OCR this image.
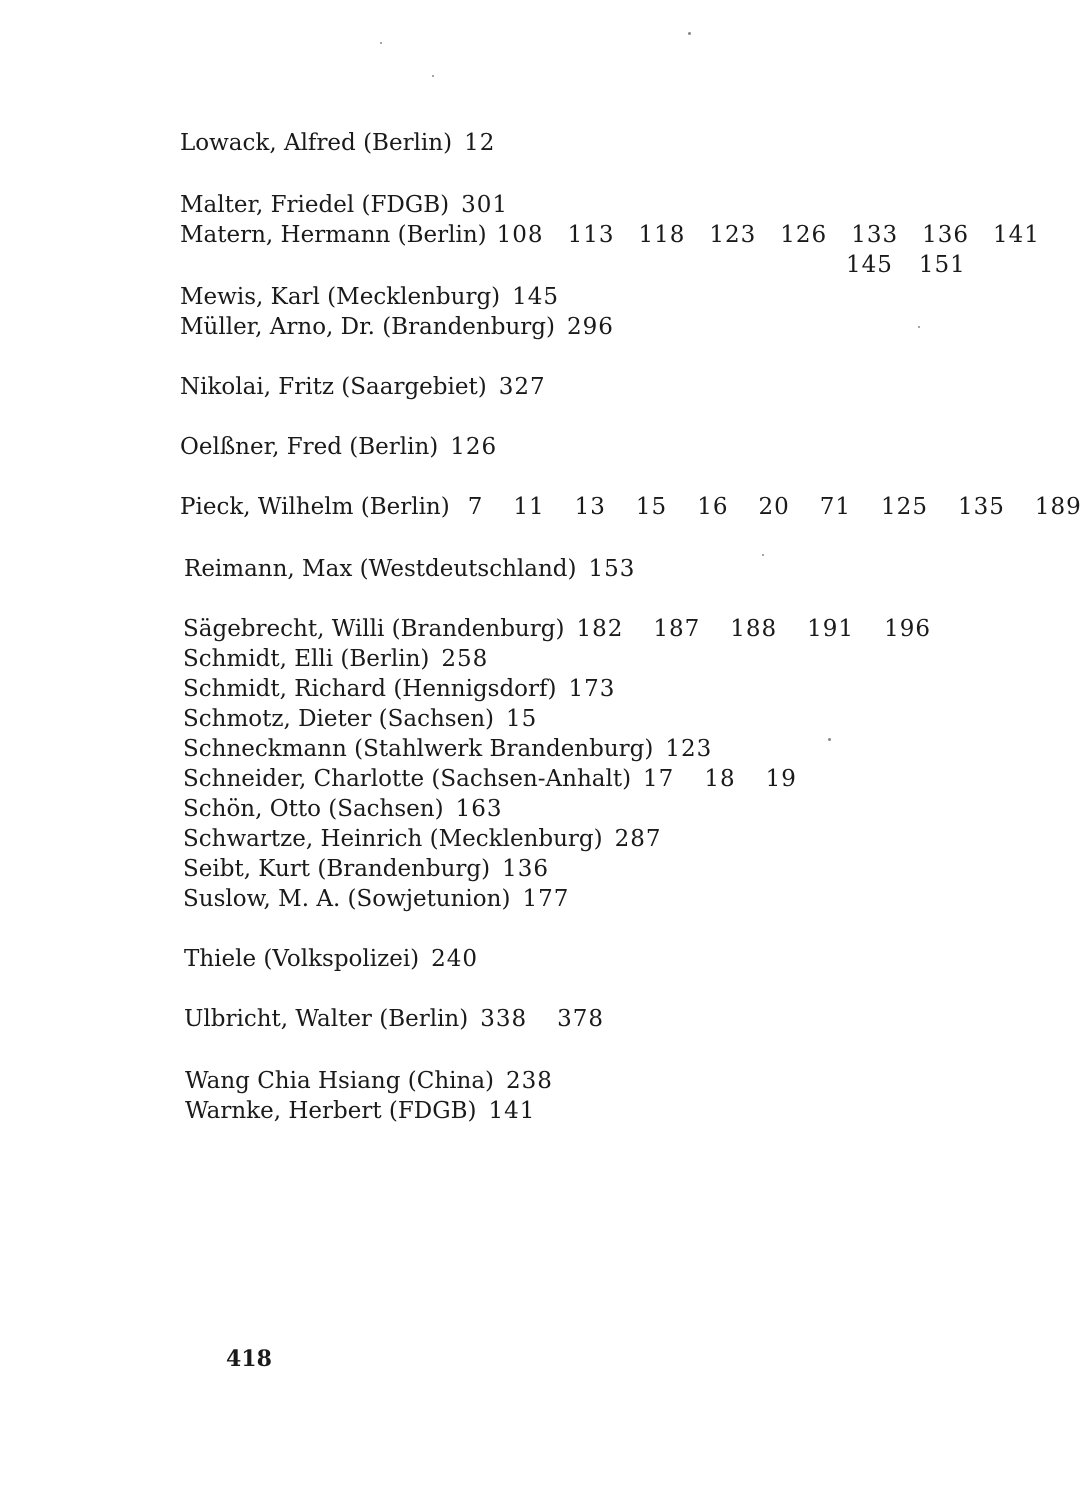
Lowack, Alfred (Berlin) 12
Malter, Friedel (FDGB) 301
Matern, Hermann (Berlin) 108 113 118 123 126 133 136 141
145 151
Mewis, Karl (Mecklenburg) 145
Müller, Arno, Dr. (Brandenburg) 296
Nikolai, Fritz (Saargebiet) 327
Oelßner, Fred (Berlin) 126
Pieck, Wilhelm (Berlin) 7 11 13 15 16 20 71 125 135 189
Reimann, Max (Westdeutschland) 153
Sägebrecht, Willi (Brandenburg) 182 187 188 191 196
Schmidt, Elli (Berlin) 258
Schmidt, Richard (Hennigsdorf) 173
Schmotz, Dieter (Sachsen) 15
Schneckmann (Stahlwerk Brandenburg) 123
Schneider, Charlotte (Sachsen-Anhalt) 17 18 19
Schön, Otto (Sachsen) 163
Schwartze, Heinrich (Mecklenburg) 287
Seibt, Kurt (Brandenburg) 136
Suslow, M. A. (Sowjetunion) 177
Thiele (Volkspolizei) 240
Ulbricht, Walter (Berlin) 338 378
Wang Chia Hsiang (China) 238
Warnke, Herbert (FDGB) 141
418
